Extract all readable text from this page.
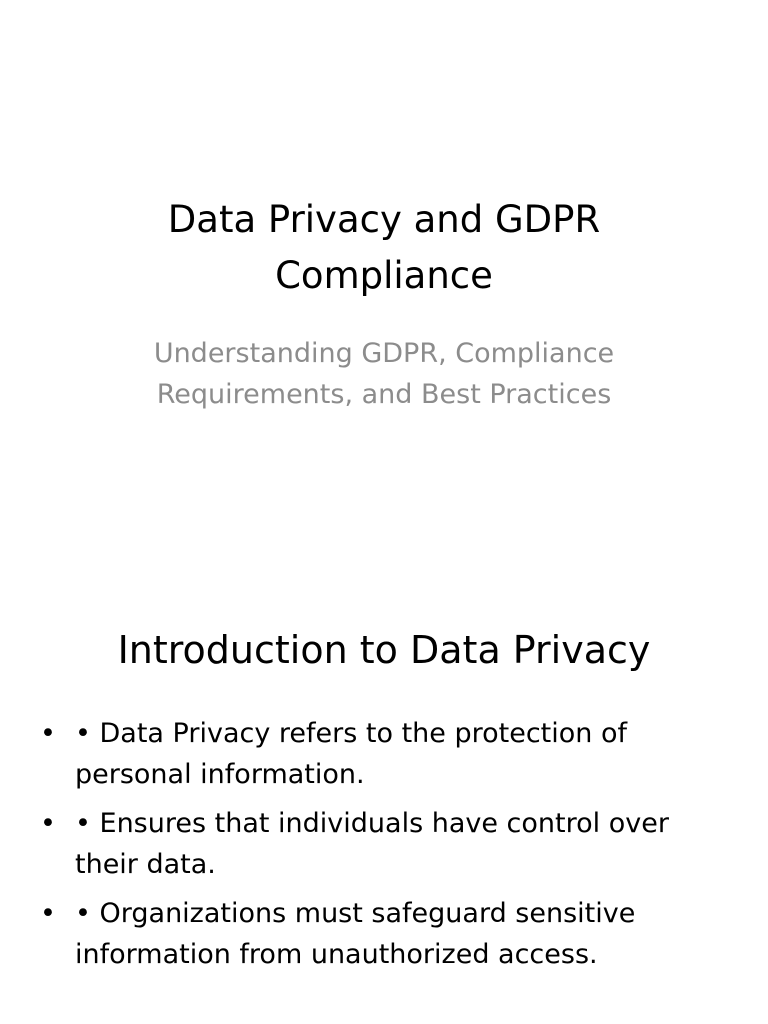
Data Privacy and GDPR Compliance

Understanding GDPR, Compliance Requirements, and Best Practices

Introduction to Data Privacy
• • Data Privacy refers to the protection of personal information.
• • Ensures that individuals have control over their data.
• • Organizations must safeguard sensitive information from unauthorized access.
